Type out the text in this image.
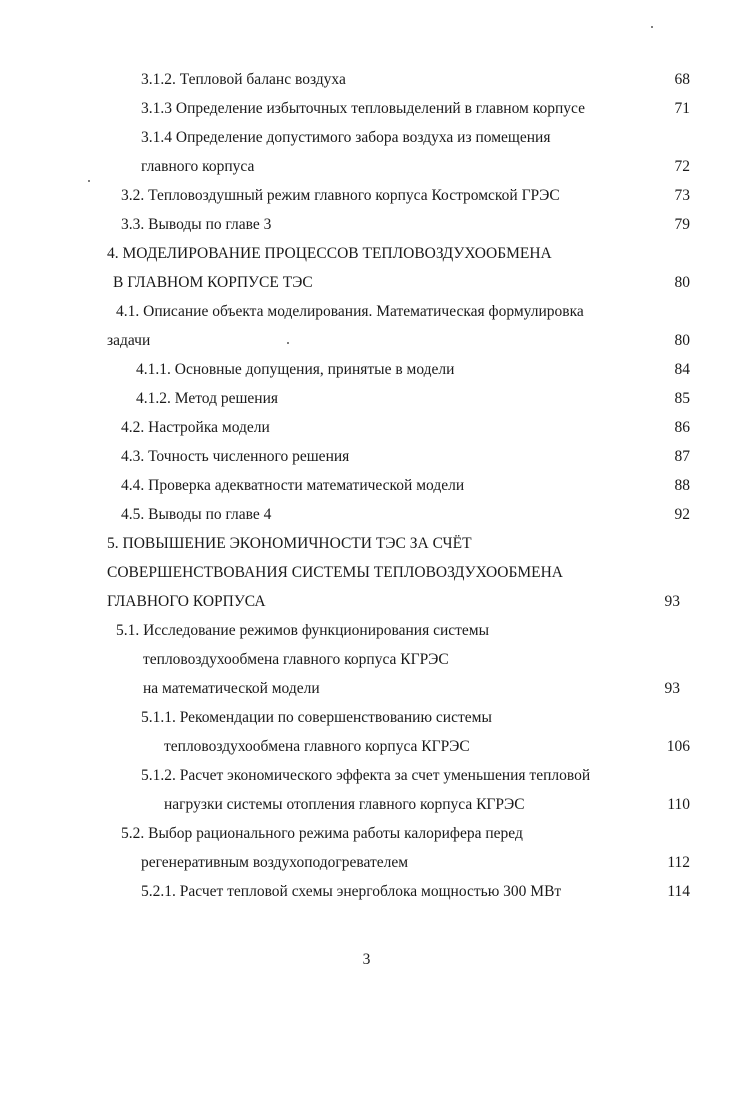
3.1.2. Тепловой баланс воздуха	68
3.1.3 Определение избыточных тепловыделений в главном корпусе	71
3.1.4 Определение допустимого забора воздуха из помещения
главного корпуса	72
3.2. Тепловоздушный режим главного корпуса Костромской ГРЭС	73
3.3. Выводы по главе 3	79
4. МОДЕЛИРОВАНИЕ ПРОЦЕССОВ ТЕПЛОВОЗДУХООБМЕНА
В ГЛАВНОМ КОРПУСЕ ТЭС	80
4.1. Описание объекта моделирования. Математическая формулировка
задачи	80
4.1.1. Основные допущения, принятые в модели	84
4.1.2. Метод решения	85
4.2. Настройка модели	86
4.3. Точность численного решения	87
4.4. Проверка адекватности математической модели	88
4.5. Выводы по главе 4	92
5. ПОВЫШЕНИЕ ЭКОНОМИЧНОСТИ ТЭС ЗА СЧЁТ
СОВЕРШЕНСТВОВАНИЯ СИСТЕМЫ ТЕПЛОВОЗДУХООБМЕНА
ГЛАВНОГО КОРПУСА	93
5.1. Исследование режимов функционирования системы
тепловоздухообмена главного корпуса КГРЭС
на математической модели	93
5.1.1. Рекомендации по совершенствованию системы
тепловоздухообмена главного корпуса КГРЭС	106
5.1.2. Расчет экономического эффекта за счет уменьшения тепловой
нагрузки системы отопления главного корпуса КГРЭС	110
5.2. Выбор рационального режима работы калорифера перед
регенеративным воздухоподогревателем	112
5.2.1. Расчет тепловой схемы энергоблока мощностью 300 МВт	114
3
